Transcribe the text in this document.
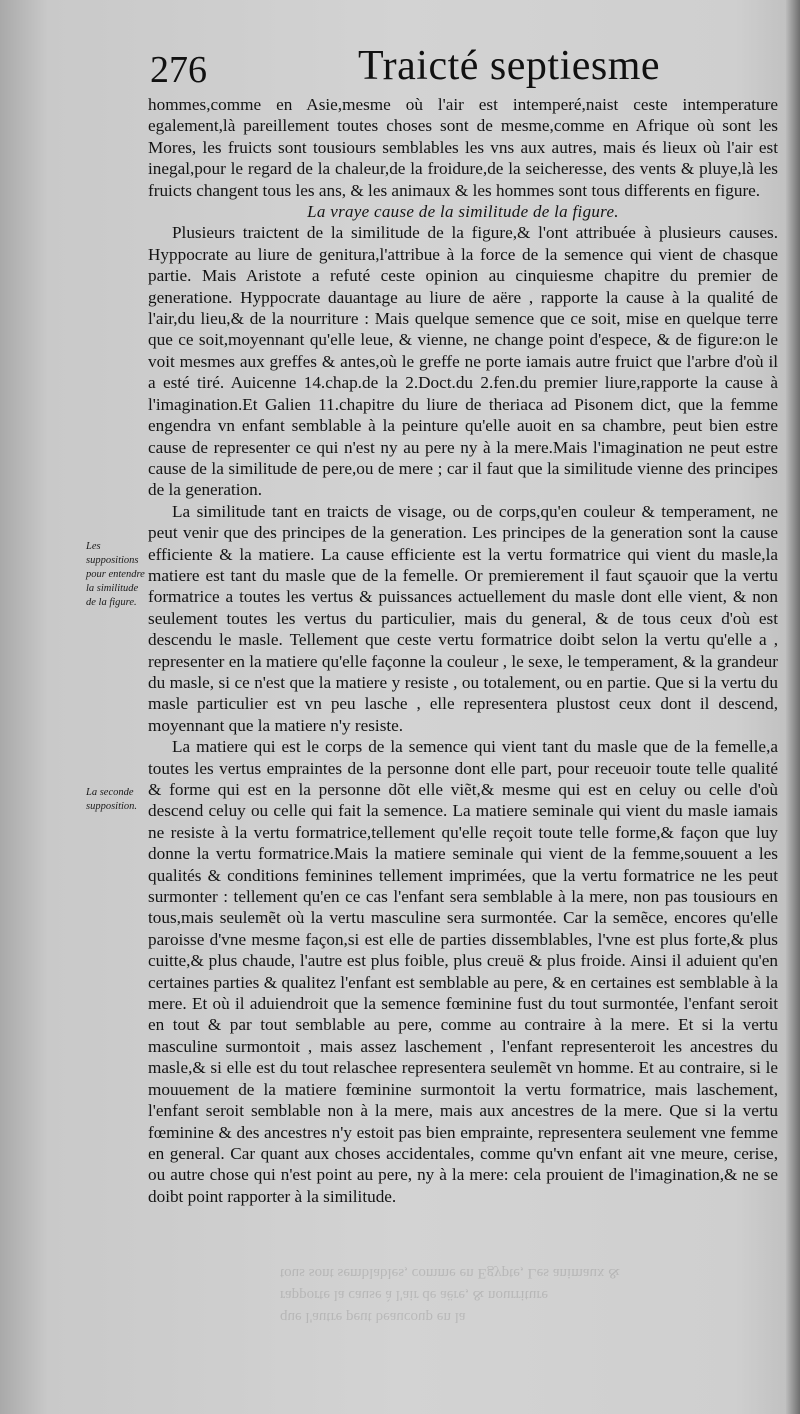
276	Traicté septiesme
Les suppositions pour entendre la similitude de la figure.
La seconde supposition.

hommes,comme en Asie,mesme où l'air est intemperé,naist ceste intemperature egalement,là pareillement toutes choses sont de mesme,comme en Afrique où sont les Mores, les fruicts sont tousiours semblables les vns aux autres, mais és lieux où l'air est inegal,pour le regard de la chaleur,de la froidure,de la seicheresse, des vents & pluye,là les fruicts changent tous les ans, & les animaux & les hommes sont tous differents en figure.

La vraye cause de la similitude de la figure.

Plusieurs traictent de la similitude de la figure,& l'ont attribuée à plusieurs causes. Hyppocrate au liure de genitura,l'attribue à la force de la semence qui vient de chasque partie. Mais Aristote a refuté ceste opinion au cinquiesme chapitre du premier de generatione. Hyppocrate dauantage au liure de aëre , rapporte la cause à la qualité de l'air,du lieu,& de la nourriture : Mais quelque semence que ce soit, mise en quelque terre que ce soit,moyennant qu'elle leue, & vienne, ne change point d'espece, & de figure:on le voit mesmes aux greffes & antes,où le greffe ne porte iamais autre fruict que l'arbre d'où il a esté tiré. Auicenne 14.chap.de la 2.Doct.du 2.fen.du premier liure,rapporte la cause à l'imagination.Et Galien 11.chapitre du liure de theriaca ad Pisonem dict, que la femme engendra vn enfant semblable à la peinture qu'elle auoit en sa chambre, peut bien estre cause de representer ce qui n'est ny au pere ny à la mere.Mais l'imagination ne peut estre cause de la similitude de pere,ou de mere ; car il faut que la similitude vienne des principes de la generation.

La similitude tant en traicts de visage, ou de corps,qu'en couleur & temperament, ne peut venir que des principes de la generation. Les principes de la generation sont la cause efficiente & la matiere. La cause efficiente est la vertu formatrice qui vient du masle,la matiere est tant du masle que de la femelle. Or premierement il faut sçauoir que la vertu formatrice a toutes les vertus & puissances actuellement du masle dont elle vient, & non seulement toutes les vertus du particulier, mais du general, & de tous ceux d'où est descendu le masle. Tellement que ceste vertu formatrice doibt selon la vertu qu'elle a , representer en la matiere qu'elle façonne la couleur , le sexe, le temperament, & la grandeur du masle, si ce n'est que la matiere y resiste , ou totalement, ou en partie. Que si la vertu du masle particulier est vn peu lasche , elle representera plustost ceux dont il descend, moyennant que la matiere n'y resiste.

La matiere qui est le corps de la semence qui vient tant du masle que de la femelle,a toutes les vertus empraintes de la personne dont elle part, pour receuoir toute telle qualité & forme qui est en la personne dõt elle viẽt,& mesme qui est en celuy ou celle d'où descend celuy ou celle qui fait la semence. La matiere seminale qui vient du masle iamais ne resiste à la vertu formatrice,tellement qu'elle reçoit toute telle forme,& façon que luy donne la vertu formatrice.Mais la matiere seminale qui vient de la femme,souuent a les qualités & conditions feminines tellement imprimées, que la vertu formatrice ne les peut surmonter : tellement qu'en ce cas l'enfant sera semblable à la mere, non pas tousiours en tous,mais seulemẽt où la vertu masculine sera surmontée. Car la semẽce, encores qu'elle paroisse d'vne mesme façon,si est elle de parties dissemblables, l'vne est plus forte,& plus cuitte,& plus chaude, l'autre est plus foible, plus creuë & plus froide. Ainsi il aduient qu'en certaines parties & qualitez l'enfant est semblable au pere, & en certaines est semblable à la mere. Et où il aduiendroit que la semence fœminine fust du tout surmontée, l'enfant seroit en tout & par tout semblable au pere, comme au contraire à la mere. Et si la vertu masculine surmontoit , mais assez laschement , l'enfant representeroit les ancestres du masle,& si elle est du tout relaschee representera seulemẽt vn homme. Et au contraire, si le mouuement de la matiere fœminine surmontoit la vertu formatrice, mais laschement, l'enfant seroit semblable non à la mere, mais aux ancestres de la mere. Que si la vertu fœminine & des ancestres n'y estoit pas bien emprainte, representera seulement vne femme en general. Car quant aux choses accidentales, comme qu'vn enfant ait vne meure, cerise, ou autre chose qui n'est point au pere, ny à la mere: cela prouient de l'imagination,& ne se doibt point rapporter à la similitude.

que l'autre peut beaucoup en la

rapporte la cause à l'air de aëre, & nourriture

tous sont semblables, comme en Egypte, Les animaux &
